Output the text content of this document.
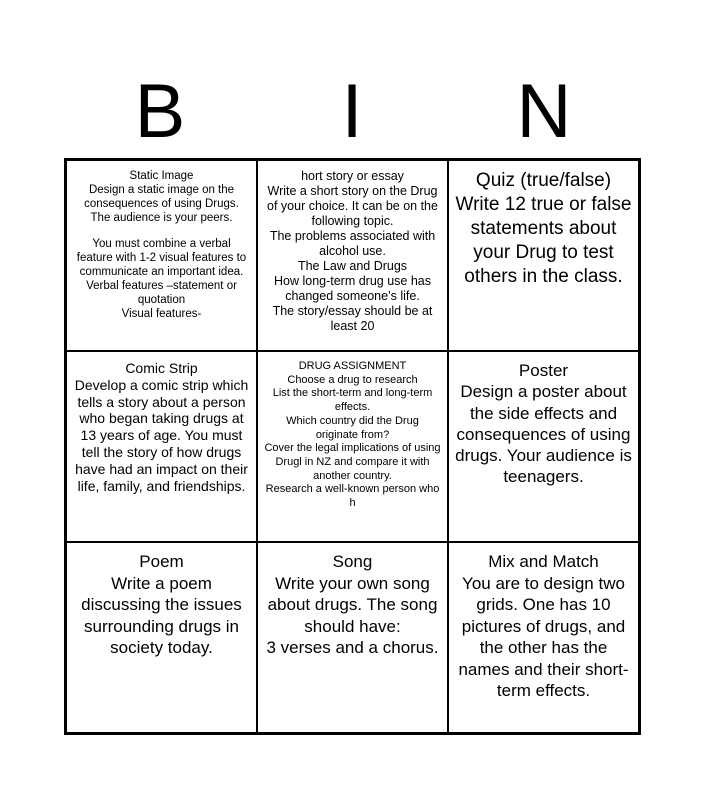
B	I	N

Static Image

Design a static image on the consequences of using Drugs.

The audience is your peers.

You must combine a verbal feature with 1-2 visual features to communicate an important idea.

Verbal features –statement or quotation

Visual features-

hort story or essay

Write a short story on the Drug of your choice. It can be on the following topic.

The problems associated with alcohol use.

The Law and Drugs

How long-term drug use has changed someone’s life.

The story/essay should be at least 20

Quiz (true/false)

Write 12 true or false statements about your Drug to test others in the class.

Comic Strip

Develop a comic strip which tells a story about a person who began taking drugs at 13 years of age. You must tell the story of how drugs have had an impact on their life, family, and friendships.

DRUG ASSIGNMENT

Choose a drug to research

List the short-term and long-term effects.

Which country did the Drug originate from?

Cover the legal implications of using Drugl in NZ and compare it with another country.

Research a well-known person who h

Poster

Design a poster about the side effects and consequences of using drugs. Your audience is teenagers.

Poem

Write a poem discussing the issues surrounding drugs in society today.

Song

Write your own song about drugs. The song should have:

3 verses and a chorus.

Mix and Match

You are to design two grids. One has 10 pictures of drugs, and the other has the names and their short-term effects.
